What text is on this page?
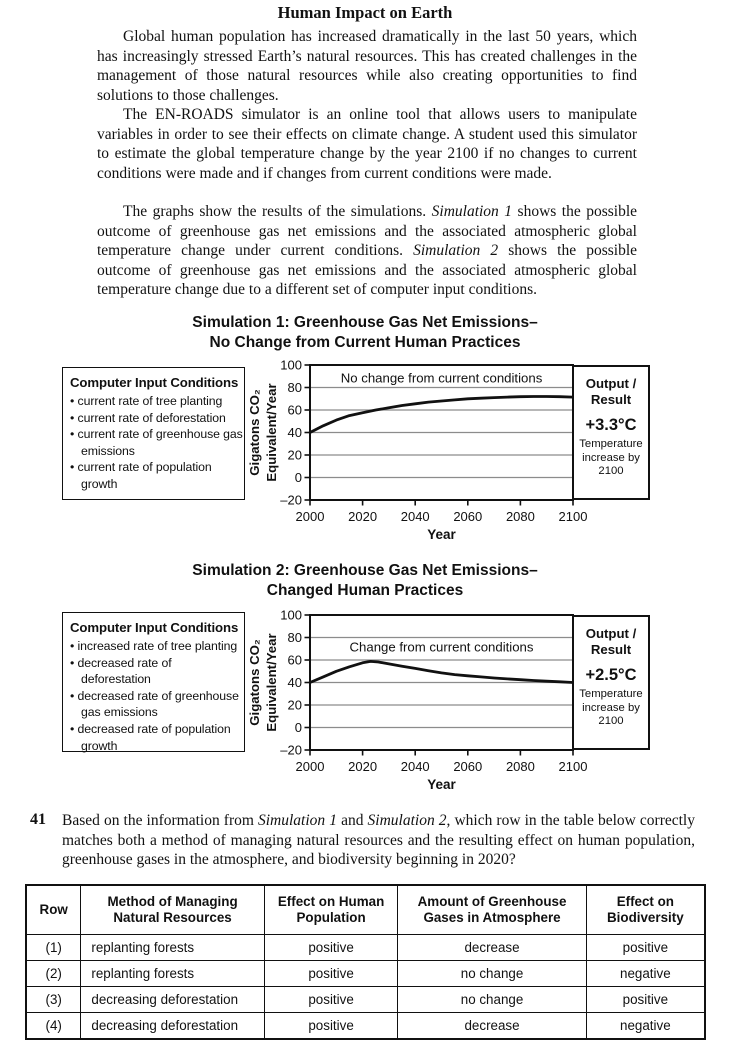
Human Impact on Earth
Global human population has increased dramatically in the last 50 years, which has increasingly stressed Earth’s natural resources. This has created challenges in the management of those natural resources while also creating opportunities to find solutions to those challenges.
The EN-ROADS simulator is an online tool that allows users to manipulate variables in order to see their effects on climate change. A student used this simulator to estimate the global temperature change by the year 2100 if no changes to current conditions were made and if changes from current conditions were made.
The graphs show the results of the simulations. Simulation 1 shows the possible outcome of greenhouse gas net emissions and the associated atmospheric global temperature change under current conditions. Simulation 2 shows the possible outcome of greenhouse gas net emissions and the associated atmospheric global temperature change due to a different set of computer input conditions.
Simulation 1: Greenhouse Gas Net Emissions–
No Change from Current Human Practices
Computer Input Conditions
• current rate of tree planting
• current rate of deforestation
• current rate of greenhouse gas emissions
• current rate of population growth
100
80
60
40
20
0
–20
2000 2020 2040 2060 2080 2100
No change from current conditions
Year
Gigatons CO₂ Equivalent/Year	Output /
Result
+3.3°C
Temperature increase by 2100
Simulation 2: Greenhouse Gas Net Emissions–
Changed Human Practices
Computer Input Conditions
• increased rate of tree planting
• decreased rate of deforestation
• decreased rate of greenhouse gas emissions
• decreased rate of population growth
100
80
60
40
20
0
–20
2000 2020 2040 2060 2080 2100
Change from current conditions
Year
Gigatons CO₂ Equivalent/Year	Output /
Result
+2.5°C
Temperature increase by 2100
41 Based on the information from Simulation 1 and Simulation 2, which row in the table below correctly matches both a method of managing natural resources and the resulting effect on human population, greenhouse gases in the atmosphere, and biodiversity beginning in 2020?
Row	Method of Managing Natural Resources	Effect on Human Population	Amount of Greenhouse Gases in Atmosphere	Effect on Biodiversity
(1)	replanting forests	positive	decrease	positive
(2)	replanting forests	positive	no change	negative
(3)	decreasing deforestation	positive	no change	positive
(4)	decreasing deforestation	positive	decrease	negative
